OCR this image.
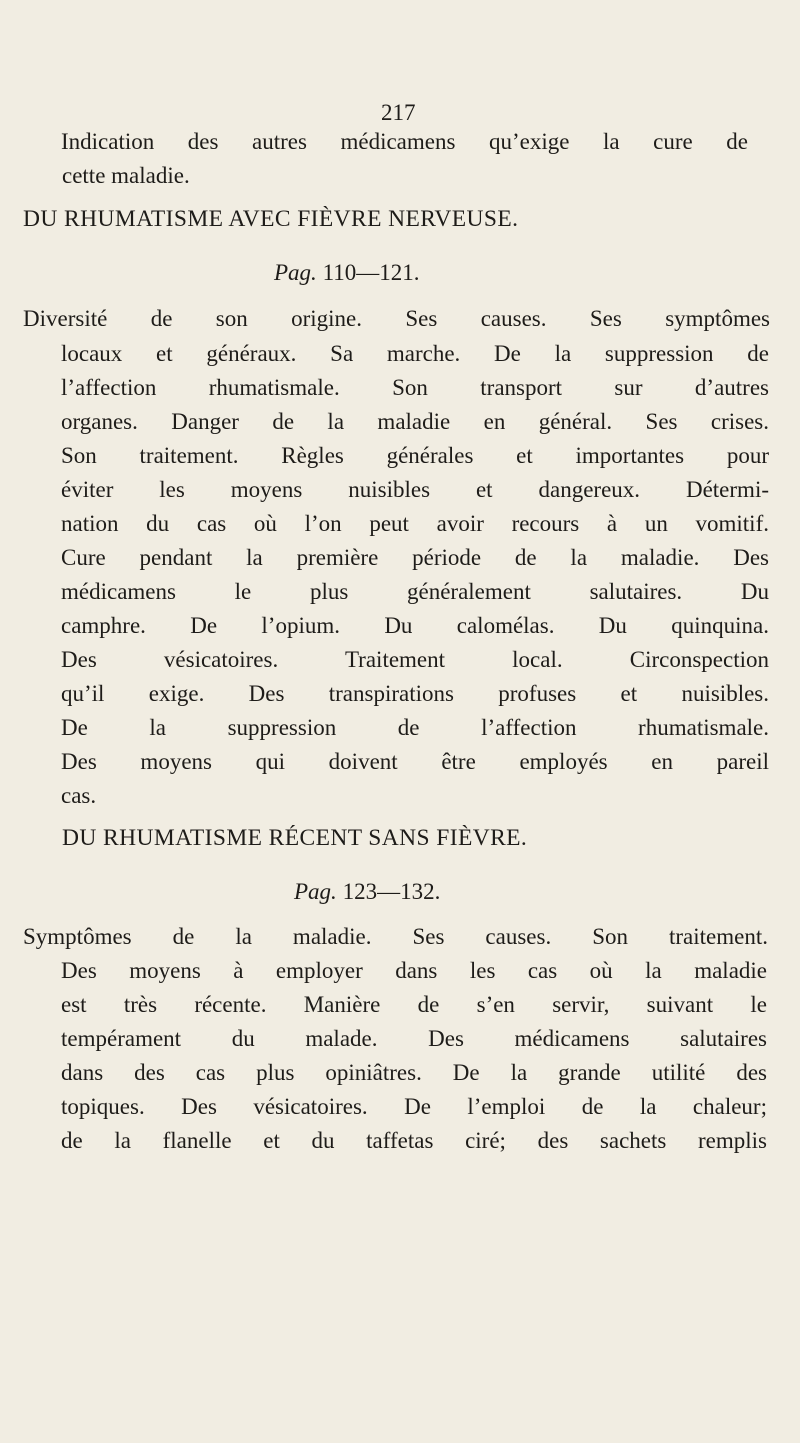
217
Indication des autres médicamens qu’exige la cure de
cette maladie.
DU RHUMATISME AVEC FIÈVRE NERVEUSE.
Pag. 110—121.
Diversité de son origine. Ses causes. Ses symptômes
locaux et généraux. Sa marche. De la suppression de
l’affection rhumatismale. Son transport sur d’autres
organes. Danger de la maladie en général. Ses crises.
Son traitement. Règles générales et importantes pour
éviter les moyens nuisibles et dangereux. Détermi-
nation du cas où l’on peut avoir recours à un vomitif.
Cure pendant la première période de la maladie. Des
médicamens le plus généralement salutaires. Du
camphre. De l’opium. Du calomélas. Du quinquina.
Des vésicatoires. Traitement local. Circonspection
qu’il exige. Des transpirations profuses et nuisibles.
De la suppression de l’affection rhumatismale.
Des moyens qui doivent être employés en pareil
cas.
DU RHUMATISME RÉCENT SANS FIÈVRE.
Pag. 123—132.
Symptômes de la maladie. Ses causes. Son traitement.
Des moyens à employer dans les cas où la maladie
est très récente. Manière de s’en servir, suivant le
tempérament du malade. Des médicamens salutaires
dans des cas plus opiniâtres. De la grande utilité des
topiques. Des vésicatoires. De l’emploi de la chaleur;
de la flanelle et du taffetas ciré; des sachets remplis
